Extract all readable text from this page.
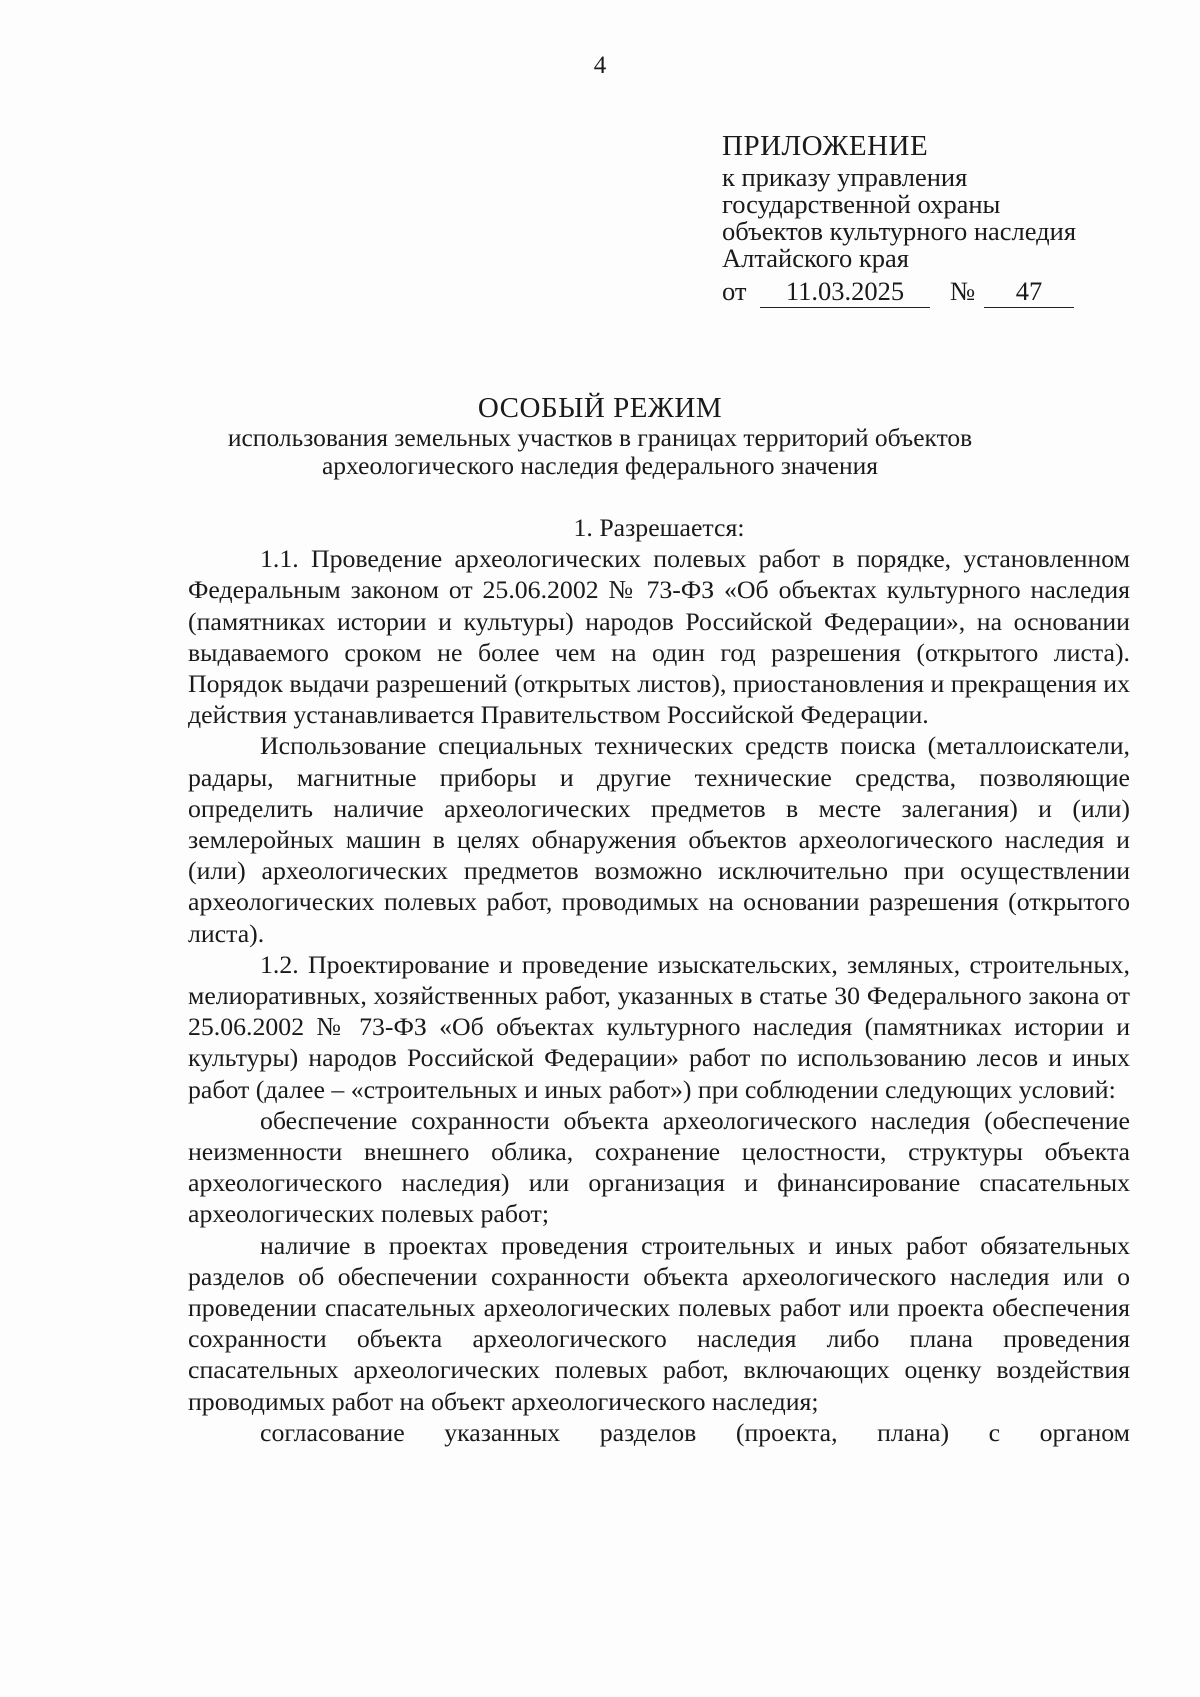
4
ПРИЛОЖЕНИЕ
к приказу управления
государственной охраны
объектов культурного наследия
Алтайского края
от	11.03.2025	№	47
ОСОБЫЙ РЕЖИМ
использования земельных участков в границах территорий объектов археологического наследия федерального значения

1. Разрешается:

1.1. Проведение археологических полевых работ в порядке, установленном Федеральным законом от 25.06.2002 № 73-ФЗ «Об объектах культурного наследия (памятниках истории и культуры) народов Российской Федерации», на основании выдаваемого сроком не более чем на один год разрешения (открытого листа). Порядок выдачи разрешений (открытых листов), приостановления и прекращения их действия устанавливается Правительством Российской Федерации.

Использование специальных технических средств поиска (металлоискатели, радары, магнитные приборы и другие технические средства, позволяющие определить наличие археологических предметов в месте залегания) и (или) землеройных машин в целях обнаружения объектов археологического наследия и (или) археологических предметов возможно исключительно при осуществлении археологических полевых работ, проводимых на основании разрешения (открытого листа).

1.2. Проектирование и проведение изыскательских, земляных, строительных, мелиоративных, хозяйственных работ, указанных в статье 30 Федерального закона от 25.06.2002 № 73-ФЗ «Об объектах культурного наследия (памятниках истории и культуры) народов Российской Федерации» работ по использованию лесов и иных работ (далее – «строительных и иных работ») при соблюдении следующих условий:

обеспечение сохранности объекта археологического наследия (обеспечение неизменности внешнего облика, сохранение целостности, структуры объекта археологического наследия) или организация и финансирование спасательных археологических полевых работ;

наличие в проектах проведения строительных и иных работ обязательных разделов об обеспечении сохранности объекта археологического наследия или о проведении спасательных археологических полевых работ или проекта обеспечения сохранности объекта археологического наследия либо плана проведения спасательных археологических полевых работ, включающих оценку воздействия проводимых работ на объект археологического наследия;

согласование указанных разделов (проекта, плана) с органом
